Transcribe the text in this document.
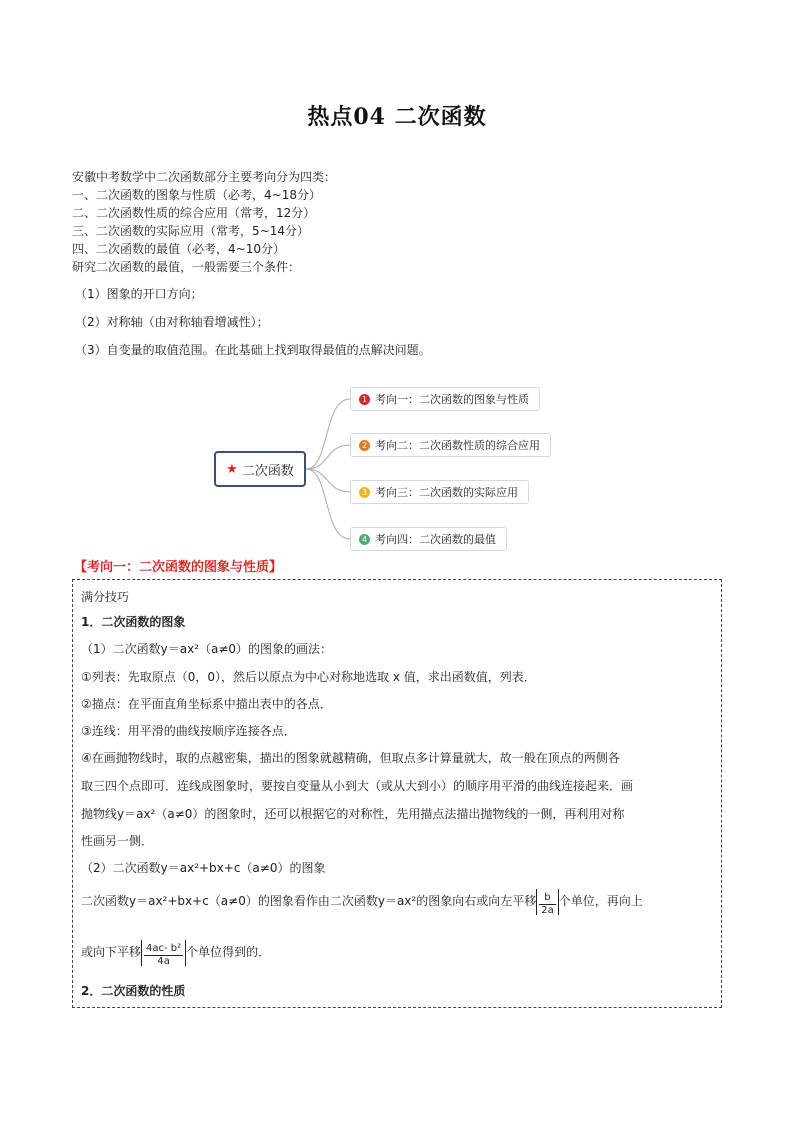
热点04 二次函数
安徽中考数学中二次函数部分主要考向分为四类：
一、二次函数的图象与性质（必考，4~18分）
二、二次函数性质的综合应用（常考，12分）
三、二次函数的实际应用（常考，5~14分）
四、二次函数的最值（必考，4~10分）
研究二次函数的最值，一般需要三个条件：
（1）图象的开口方向；
（2）对称轴（由对称轴看增减性）；
（3）自变量的取值范围。在此基础上找到取得最值的点解决问题。
★ 二次函数
1 考向一：二次函数的图象与性质
2 考向二：二次函数性质的综合应用
3 考向三：二次函数的实际应用
4 考向四：二次函数的最值
【考向一：二次函数的图象与性质】
满分技巧
1．二次函数的图象
（1）二次函数y＝ax²（a≠0）的图象的画法：
①列表：先取原点（0，0），然后以原点为中心对称地选取 x 值，求出函数值，列表．
②描点：在平面直角坐标系中描出表中的各点．
③连线：用平滑的曲线按顺序连接各点．
④在画抛物线时，取的点越密集，描出的图象就越精确，但取点多计算量就大，故一般在顶点的两侧各
取三四个点即可．连线成图象时，要按自变量从小到大（或从大到小）的顺序用平滑的曲线连接起来．画
抛物线y＝ax²（a≠0）的图象时，还可以根据它的对称性，先用描点法描出抛物线的一侧，再利用对称
性画另一侧．
（2）二次函数y＝ax²+bx+c（a≠0）的图象
二次函数y＝ax²+bx+c（a≠0）的图象看作由二次函数y＝ax²的图象向右或向左平移 $\frac{b}{2a}$ 个单位，再向上
或向下平移 $\frac{\text{4ac- b²}}{4a}$ 个单位得到的．
2．二次函数的性质
